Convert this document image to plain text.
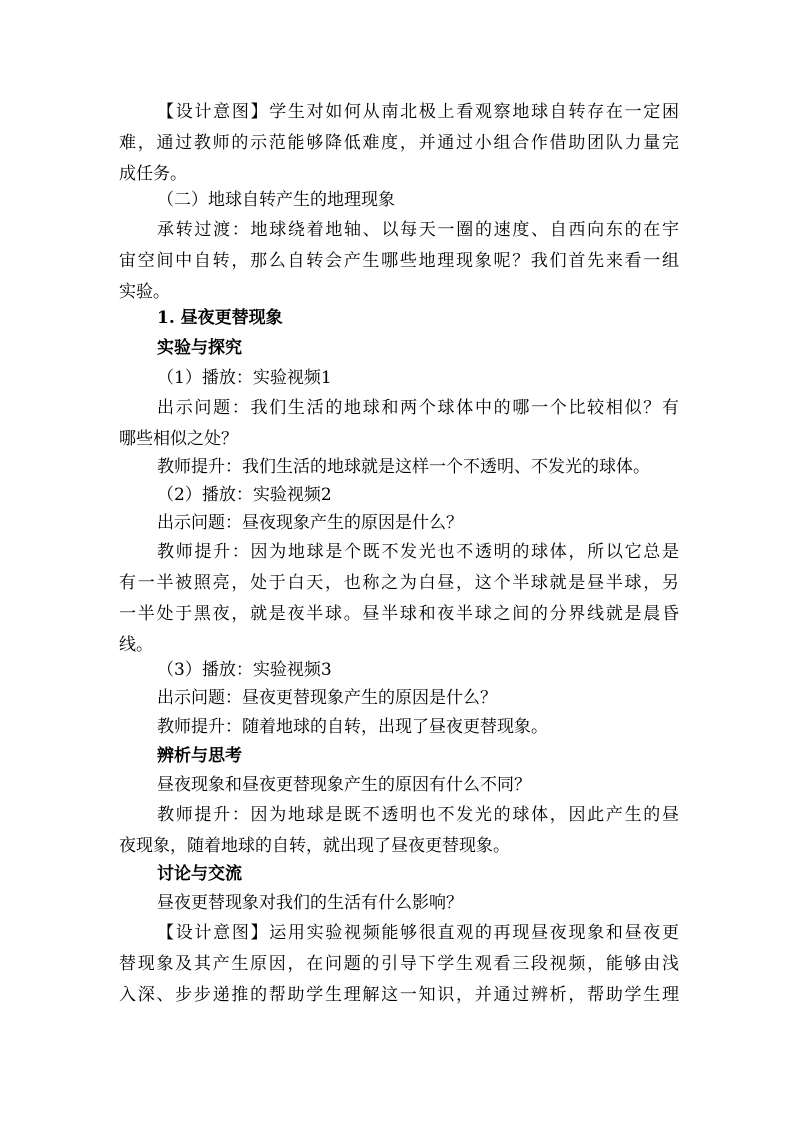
【设计意图】学生对如何从南北极上看观察地球自转存在一定困
难，通过教师的示范能够降低难度，并通过小组合作借助团队力量完
成任务。
（二）地球自转产生的地理现象
承转过渡：地球绕着地轴、以每天一圈的速度、自西向东的在宇
宙空间中自转，那么自转会产生哪些地理现象呢？我们首先来看一组
实验。
1. 昼夜更替现象
实验与探究
（1）播放：实验视频1
出示问题：我们生活的地球和两个球体中的哪一个比较相似？有
哪些相似之处？
教师提升：我们生活的地球就是这样一个不透明、不发光的球体。
（2）播放：实验视频2
出示问题：昼夜现象产生的原因是什么？
教师提升：因为地球是个既不发光也不透明的球体，所以它总是
有一半被照亮，处于白天，也称之为白昼，这个半球就是昼半球，另
一半处于黑夜，就是夜半球。昼半球和夜半球之间的分界线就是晨昏
线。
（3）播放：实验视频3
出示问题：昼夜更替现象产生的原因是什么？
教师提升：随着地球的自转，出现了昼夜更替现象。
辨析与思考
昼夜现象和昼夜更替现象产生的原因有什么不同？
教师提升：因为地球是既不透明也不发光的球体，因此产生的昼
夜现象，随着地球的自转，就出现了昼夜更替现象。
讨论与交流
昼夜更替现象对我们的生活有什么影响？
【设计意图】运用实验视频能够很直观的再现昼夜现象和昼夜更
替现象及其产生原因，在问题的引导下学生观看三段视频，能够由浅
入深、步步递推的帮助学生理解这一知识，并通过辨析，帮助学生理
